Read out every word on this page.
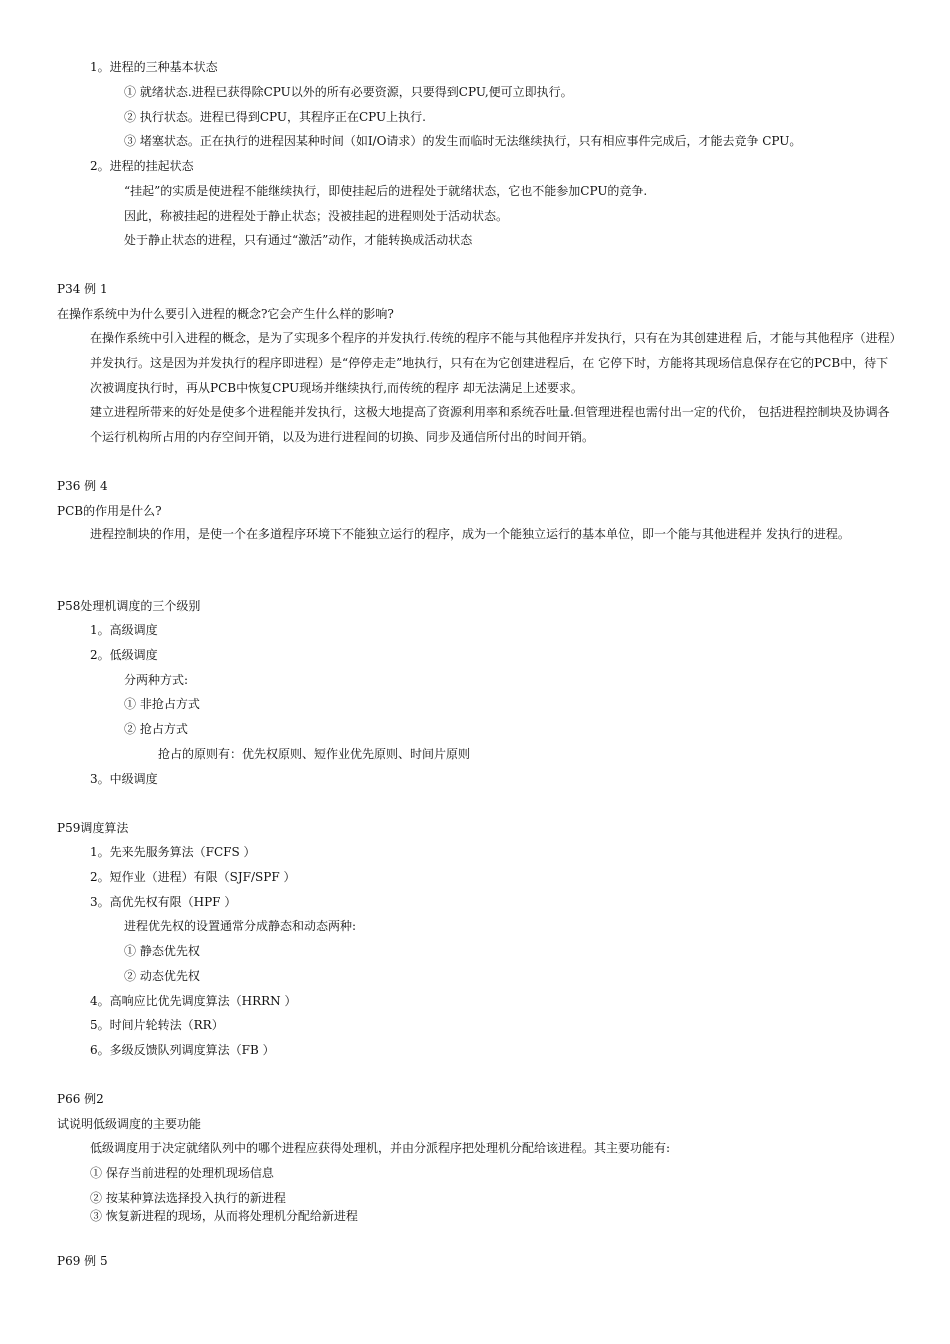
1。进程的三种基本状态
① 就绪状态.进程已获得除CPU以外的所有必要资源，只要得到CPU,便可立即执行。
② 执行状态。进程已得到CPU，其程序正在CPU上执行.
③ 堵塞状态。正在执行的进程因某种时间（如I/O请求）的发生而临时无法继续执行，只有相应事件完成后，才能去竞争 CPU。
2。进程的挂起状态
“挂起”的实质是使进程不能继续执行，即使挂起后的进程处于就绪状态，它也不能参加CPU的竞争.
因此，称被挂起的进程处于静止状态；没被挂起的进程则处于活动状态。
处于静止状态的进程，只有通过“激活”动作，才能转换成活动状态
P34 例 1
在操作系统中为什么要引入进程的概念?它会产生什么样的影响?
在操作系统中引入进程的概念，是为了实现多个程序的并发执行.传统的程序不能与其他程序并发执行，只有在为其创建进程 后，才能与其他程序（进程）并发执行。这是因为并发执行的程序即进程）是“停停走走”地执行，只有在为它创建进程后，在 它停下时，方能将其现场信息保存在它的PCB中，待下次被调度执行时，再从PCB中恢复CPU现场并继续执行,而传统的程序 却无法满足上述要求。
建立进程所带来的好处是使多个进程能并发执行，这极大地提高了资源利用率和系统吞吐量.但管理进程也需付出一定的代价， 包括进程控制块及协调各个运行机构所占用的内存空间开销，以及为进行进程间的切换、同步及通信所付出的时间开销。
P36 例 4
PCB的作用是什么?
进程控制块的作用，是使一个在多道程序环境下不能独立运行的程序，成为一个能独立运行的基本单位，即一个能与其他进程并 发执行的进程。
P58处理机调度的三个级别
1。高级调度
2。低级调度
分两种方式:
① 非抢占方式
② 抢占方式
抢占的原则有：优先权原则、短作业优先原则、时间片原则
3。中级调度
P59调度算法
1。先来先服务算法（FCFS ）
2。短作业（进程）有限（SJF/SPF ）
3。高优先权有限（HPF ）
进程优先权的设置通常分成静态和动态两种:
① 静态优先权
② 动态优先权
4。高响应比优先调度算法（HRRN ）
5。时间片轮转法（RR）
6。多级反馈队列调度算法（FB ）
P66 例2
试说明低级调度的主要功能
低级调度用于决定就绪队列中的哪个进程应获得处理机，并由分派程序把处理机分配给该进程。其主要功能有:
① 保存当前进程的处理机现场信息
② 按某种算法选择投入执行的新进程
③ 恢复新进程的现场，从而将处理机分配给新进程
P69 例 5
